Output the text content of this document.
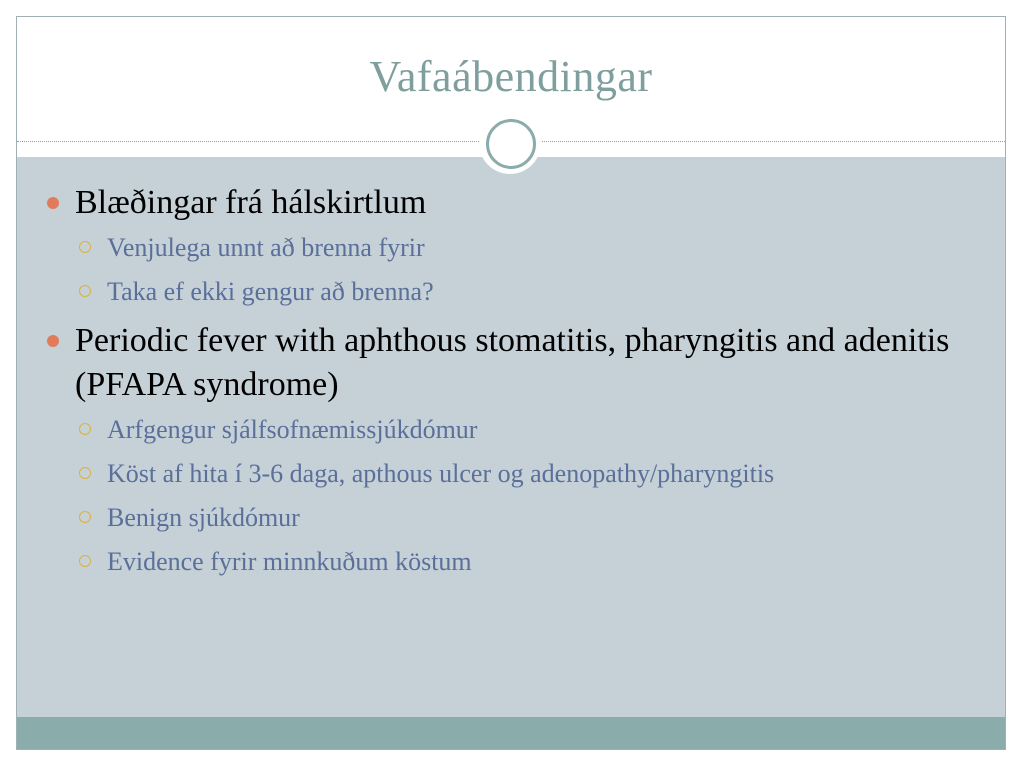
Vafaábendingar
Blæðingar frá hálskirtlum
Venjulega unnt að brenna fyrir
Taka ef ekki gengur að brenna?
Periodic fever with aphthous stomatitis, pharyngitis and adenitis (PFAPA syndrome)
Arfgengur sjálfsofnæmissjúkdómur
Köst af hita í 3-6 daga, apthous ulcer og adenopathy/pharyngitis
Benign sjúkdómur
Evidence fyrir minnkuðum köstum
